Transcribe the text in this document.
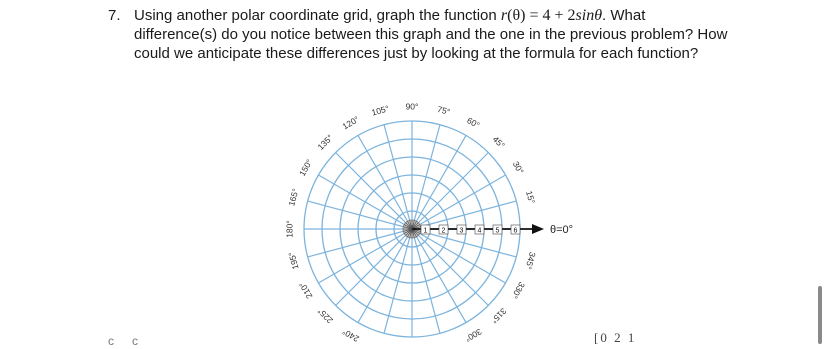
7. Using another polar coordinate grid, graph the function r(θ) = 4 + 2sinθ. What difference(s) do you notice between this graph and the one in the previous problem? How could we anticipate these differences just by looking at the formula for each function?
θ=0°
1 2 3 4 5 6
15°
30°
45°
60°
75°
90°
105°
120°
135°
150°
165°
180°
195°
210°
225°
240°	300°
315°
330°
345°
[0 2 1
c c
